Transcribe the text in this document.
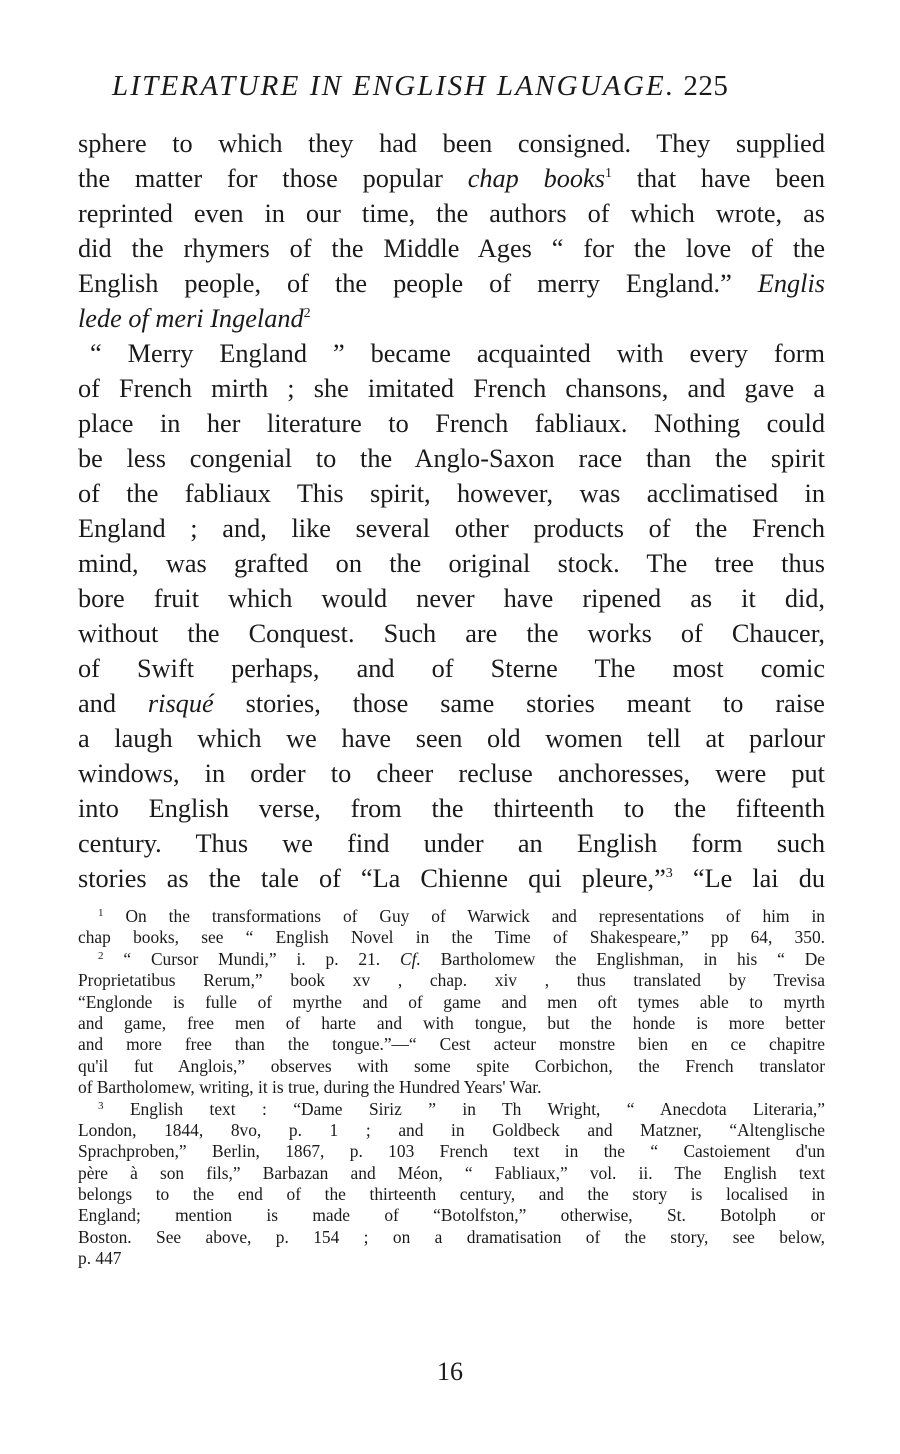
LITERATURE IN ENGLISH LANGUAGE. 225
sphere to which they had been consigned. They supplied
the matter for those popular chap books$^1$ that have been
reprinted even in our time, the authors of which wrote, as
did the rhymers of the Middle Ages “ for the love of the
English people, of the people of merry England.” Englis
lede of meri Ingeland$^2$
“ Merry England ” became acquainted with every form
of French mirth ; she imitated French chansons, and gave a
place in her literature to French fabliaux. Nothing could
be less congenial to the Anglo-Saxon race than the spirit
of the fabliaux This spirit, however, was acclimatised in
England ; and, like several other products of the French
mind, was grafted on the original stock. The tree thus
bore fruit which would never have ripened as it did,
without the Conquest. Such are the works of Chaucer,
of Swift perhaps, and of Sterne The most comic
and risqué stories, those same stories meant to raise
a laugh which we have seen old women tell at parlour
windows, in order to cheer recluse anchoresses, were put
into English verse, from the thirteenth to the fifteenth
century. Thus we find under an English form such
stories as the tale of “La Chienne qui pleure,”$^3$ “Le lai du
$^1$ On the transformations of Guy of Warwick and representations of him in
chap books, see “ English Novel in the Time of Shakespeare,” pp 64, 350.
$^2$ “ Cursor Mundi,” i. p. 21. Cf. Bartholomew the Englishman, in his “ De
Proprietatibus Rerum,” book xv , chap. xiv , thus translated by Trevisa
“Englonde is fulle of myrthe and of game and men oft tymes able to myrth
and game, free men of harte and with tongue, but the honde is more better
and more free than the tongue.”—“ Cest acteur monstre bien en ce chapitre
qu'il fut Anglois,” observes with some spite Corbichon, the French translator
of Bartholomew, writing, it is true, during the Hundred Years' War.
$^3$ English text : “Dame Siriz ” in Th Wright, “ Anecdota Literaria,”
London, 1844, 8vo, p. 1 ; and in Goldbeck and Matzner, “Altenglische
Sprachproben,” Berlin, 1867, p. 103 French text in the “ Castoiement d'un
père à son fils,” Barbazan and Méon, “ Fabliaux,” vol. ii. The English text
belongs to the end of the thirteenth century, and the story is localised in
England; mention is made of “Botolfston,” otherwise, St. Botolph or
Boston. See above, p. 154 ; on a dramatisation of the story, see below,
p. 447
16
